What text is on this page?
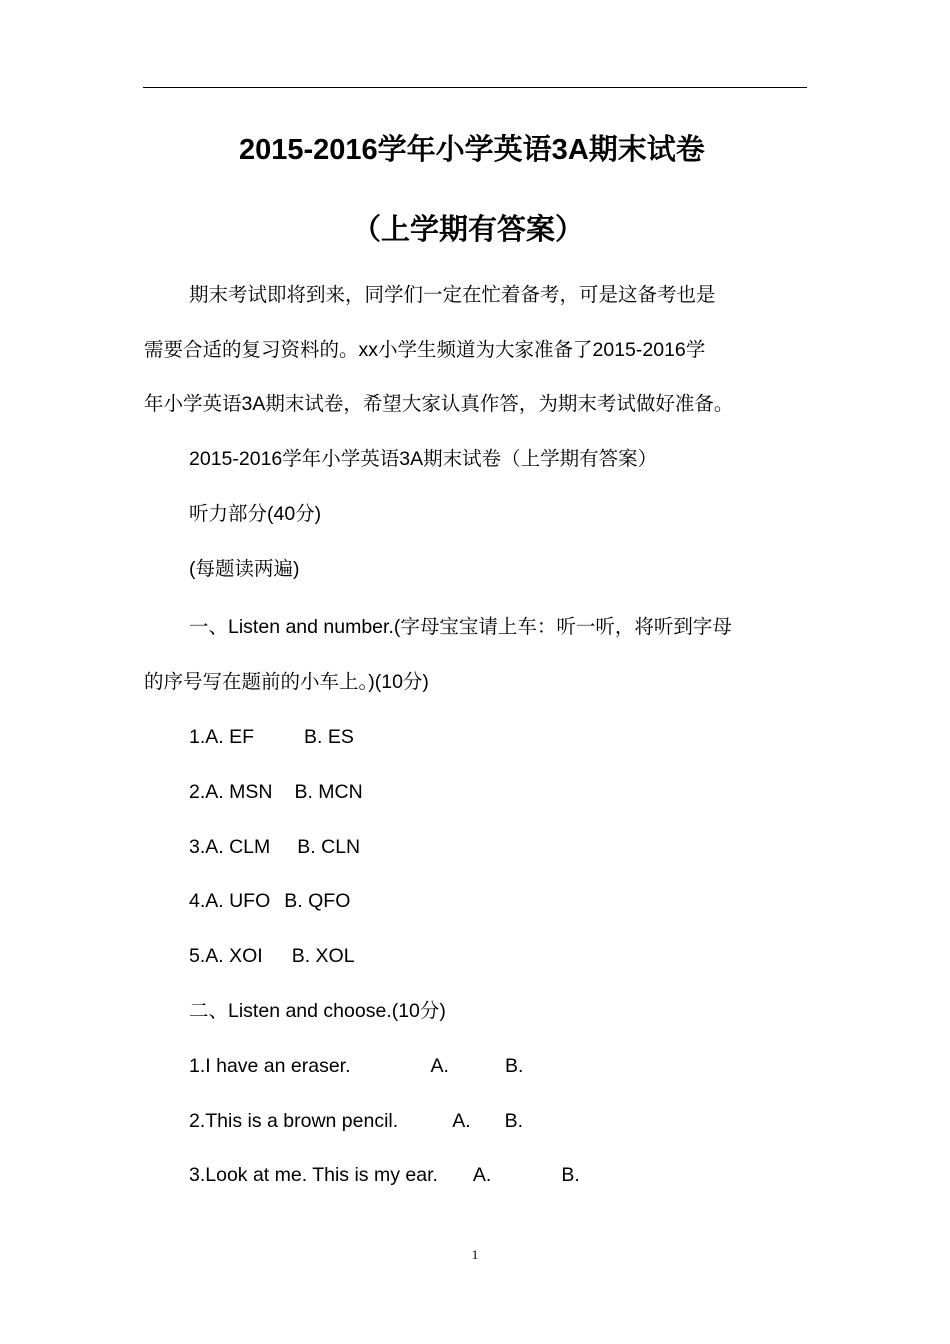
2015-2016学年小学英语3A期末试卷
（上学期有答案）
期末考试即将到来，同学们一定在忙着备考，可是这备考也是
需要合适的复习资料的。xx小学生频道为大家准备了2015-2016学
年小学英语3A期末试卷，希望大家认真作答，为期末考试做好准备。
2015-2016学年小学英语3A期末试卷（上学期有答案）
听力部分(40分)
(每题读两遍)
一、Listen and number.(字母宝宝请上车：听一听，将听到字母
的序号写在题前的小车上。)(10分)
1.A. EF	B. ES
2.A. MSN B. MCN
3.A. CLM B. CLN
4.A. UFO B. QFO
5.A. XOI B. XOL
二、Listen and choose.(10分)
1.I have an eraser.	A.	B.
2.This is a brown pencil.	A. B.
3.Look at me. This is my ear. A.	B.
1
